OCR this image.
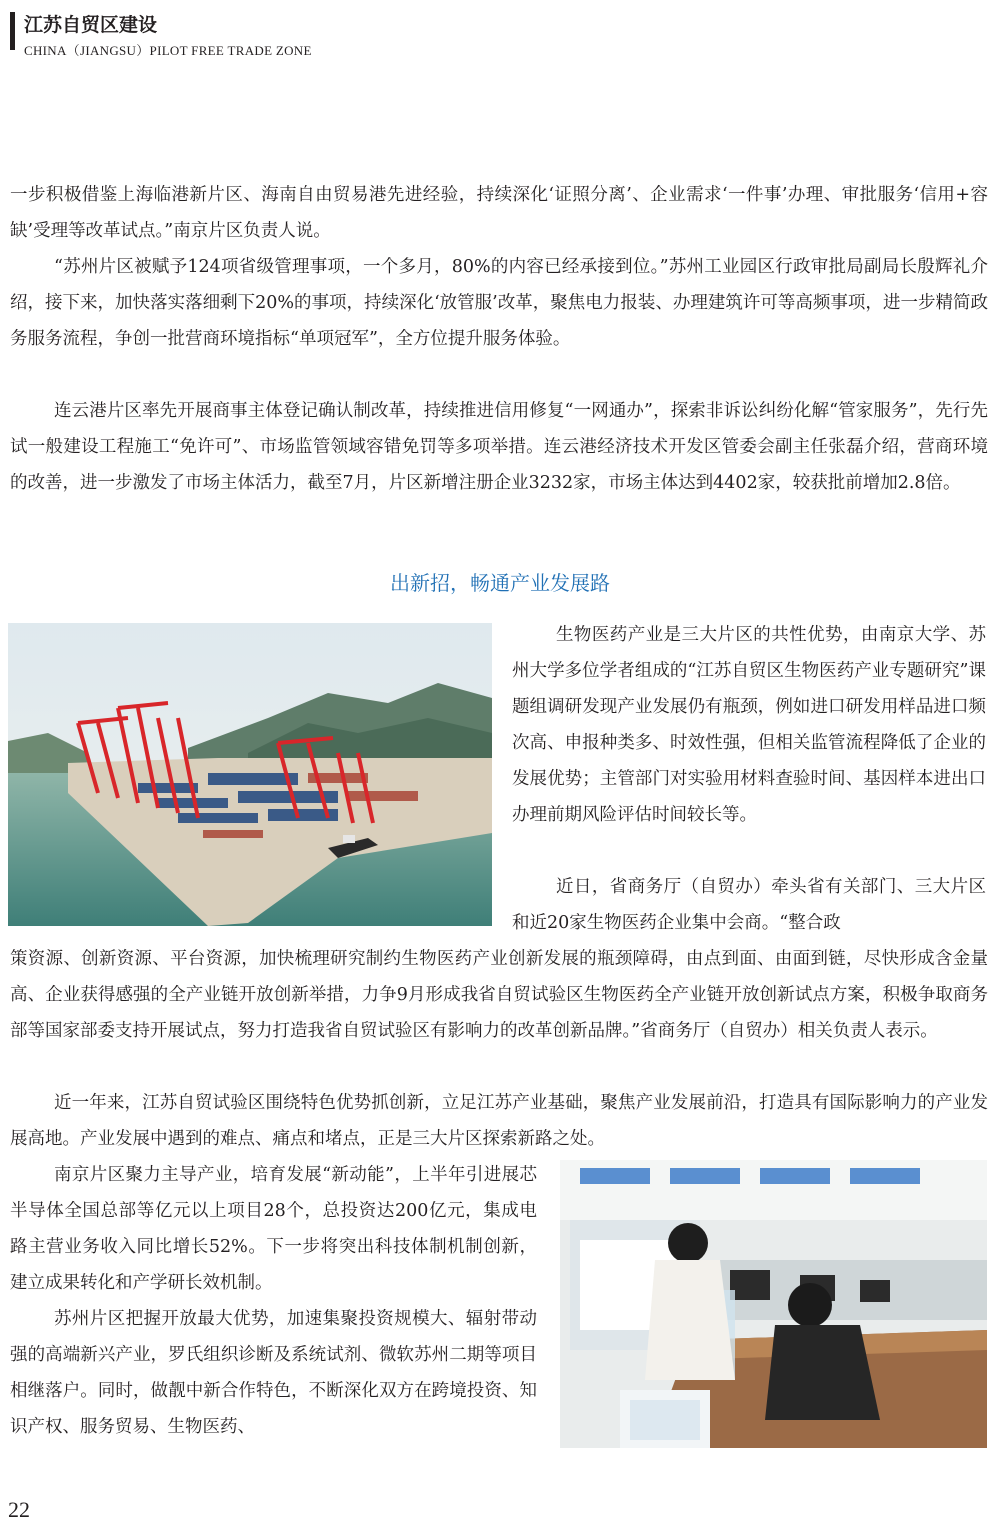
江苏自贸区建设
CHINA（JIANGSU）PILOT FREE TRADE ZONE

一步积极借鉴上海临港新片区、海南自由贸易港先进经验，持续深化‘证照分离’、企业需求‘一件事’办理、审批服务‘信用+容缺’受理等改革试点。”南京片区负责人说。

“苏州片区被赋予124项省级管理事项，一个多月，80%的内容已经承接到位。”苏州工业园区行政审批局副局长殷辉礼介绍，接下来，加快落实落细剩下20%的事项，持续深化‘放管服’改革，聚焦电力报装、办理建筑许可等高频事项，进一步精简政务服务流程，争创一批营商环境指标“单项冠军”，全方位提升服务体验。

连云港片区率先开展商事主体登记确认制改革，持续推进信用修复“一网通办”，探索非诉讼纠纷化解“管家服务”，先行先试一般建设工程施工“免许可”、市场监管领域容错免罚等多项举措。连云港经济技术开发区管委会副主任张磊介绍，营商环境的改善，进一步激发了市场主体活力，截至7月，片区新增注册企业3232家，市场主体达到4402家，较获批前增加2.8倍。

出新招，畅通产业发展路

生物医药产业是三大片区的共性优势，由南京大学、苏州大学多位学者组成的“江苏自贸区生物医药产业专题研究”课题组调研发现产业发展仍有瓶颈，例如进口研发用样品进口频次高、申报种类多、时效性强，但相关监管流程降低了企业的发展优势；主管部门对实验用材料查验时间、基因样本进出口办理前期风险评估时间较长等。

近日，省商务厅（自贸办）牵头省有关部门、三大片区和近20家生物医药企业集中会商。“整合政

策资源、创新资源、平台资源，加快梳理研究制约生物医药产业创新发展的瓶颈障碍，由点到面、由面到链，尽快形成含金量高、企业获得感强的全产业链开放创新举措，力争9月形成我省自贸试验区生物医药全产业链开放创新试点方案，积极争取商务部等国家部委支持开展试点，努力打造我省自贸试验区有影响力的改革创新品牌。”省商务厅（自贸办）相关负责人表示。

近一年来，江苏自贸试验区围绕特色优势抓创新，立足江苏产业基础，聚焦产业发展前沿，打造具有国际影响力的产业发展高地。产业发展中遇到的难点、痛点和堵点，正是三大片区探索新路之处。

南京片区聚力主导产业，培育发展“新动能”，上半年引进展芯半导体全国总部等亿元以上项目28个，总投资达200亿元，集成电路主营业务收入同比增长52%。下一步将突出科技体制机制创新，建立成果转化和产学研长效机制。

苏州片区把握开放最大优势，加速集聚投资规模大、辐射带动强的高端新兴产业，罗氏组织诊断及系统试剂、微软苏州二期等项目相继落户。同时，做靓中新合作特色，不断深化双方在跨境投资、知识产权、服务贸易、生物医药、

22
